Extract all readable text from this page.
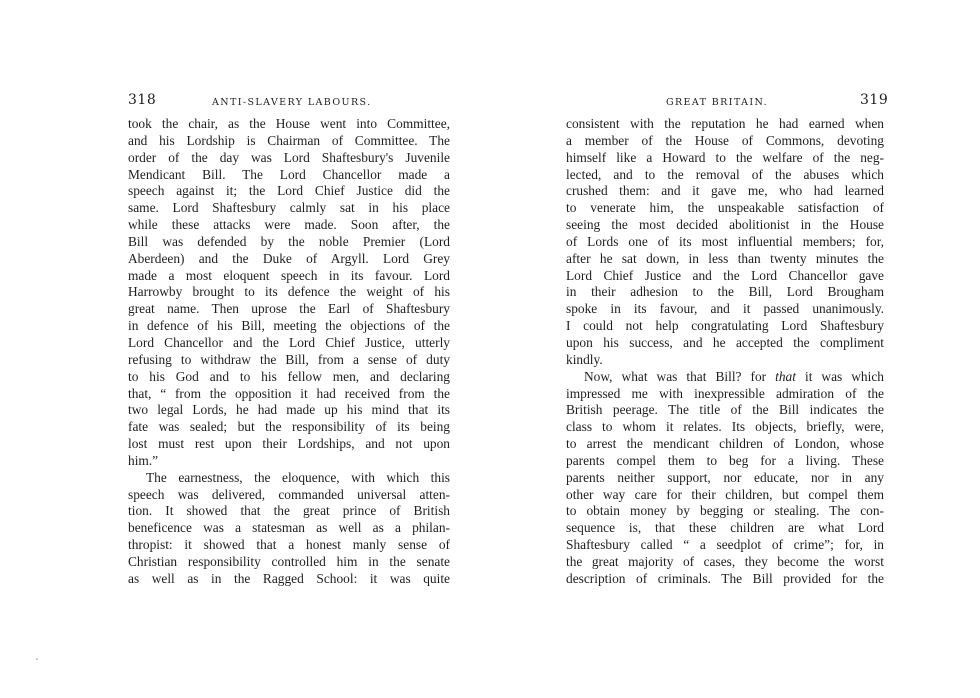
318	ANTI-SLAVERY LABOURS.
took the chair, as the House went into Committee,
and his Lordship is Chairman of Committee. The
order of the day was Lord Shaftesbury's Juvenile
Mendicant Bill. The Lord Chancellor made a
speech against it; the Lord Chief Justice did the
same. Lord Shaftesbury calmly sat in his place
while these attacks were made. Soon after, the
Bill was defended by the noble Premier (Lord
Aberdeen) and the Duke of Argyll. Lord Grey
made a most eloquent speech in its favour. Lord
Harrowby brought to its defence the weight of his
great name. Then uprose the Earl of Shaftesbury
in defence of his Bill, meeting the objections of the
Lord Chancellor and the Lord Chief Justice, utterly
refusing to withdraw the Bill, from a sense of duty
to his God and to his fellow men, and declaring
that, “ from the opposition it had received from the
two legal Lords, he had made up his mind that its
fate was sealed; but the responsibility of its being
lost must rest upon their Lordships, and not upon
him.”
The earnestness, the eloquence, with which this
speech was delivered, commanded universal atten-
tion. It showed that the great prince of British
beneficence was a statesman as well as a philan-
thropist: it showed that a honest manly sense of
Christian responsibility controlled him in the senate
as well as in the Ragged School: it was quite
GREAT BRITAIN.	319
consistent with the reputation he had earned when
a member of the House of Commons, devoting
himself like a Howard to the welfare of the neg-
lected, and to the removal of the abuses which
crushed them: and it gave me, who had learned
to venerate him, the unspeakable satisfaction of
seeing the most decided abolitionist in the House
of Lords one of its most influential members; for,
after he sat down, in less than twenty minutes the
Lord Chief Justice and the Lord Chancellor gave
in their adhesion to the Bill, Lord Brougham
spoke in its favour, and it passed unanimously.
I could not help congratulating Lord Shaftesbury
upon his success, and he accepted the compliment
kindly.
Now, what was that Bill? for that it was which
impressed me with inexpressible admiration of the
British peerage. The title of the Bill indicates the
class to whom it relates. Its objects, briefly, were,
to arrest the mendicant children of London, whose
parents compel them to beg for a living. These
parents neither support, nor educate, nor in any
other way care for their children, but compel them
to obtain money by begging or stealing. The con-
sequence is, that these children are what Lord
Shaftesbury called “ a seedplot of crime”; for, in
the great majority of cases, they become the worst
description of criminals. The Bill provided for the
